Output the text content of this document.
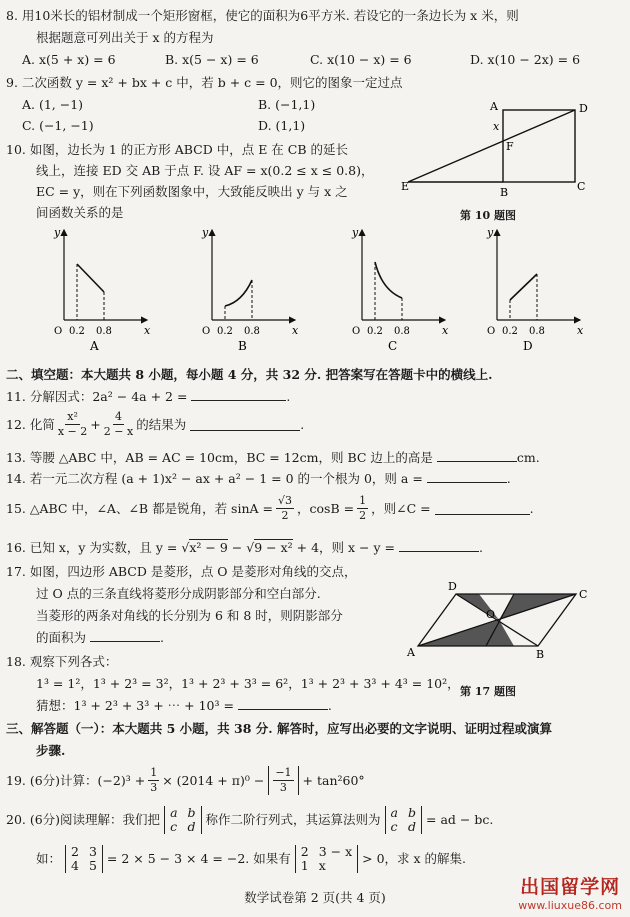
8. 用10米长的铝材制成一个矩形窗框，使它的面积为6平方米. 若设它的一条边长为 x 米，则
根据题意可列出关于 x 的方程为
A. x(5 + x) = 6	B. x(5 − x) = 6	C. x(10 − x) = 6	D. x(10 − 2x) = 6
9. 二次函数 y = x² + bx + c 中，若 b + c = 0，则它的图象一定过点
A. (1, −1)	B. (−1,1)
C. (−1, −1)	D. (1,1)
10. 如图，边长为 1 的正方形 ABCD 中，点 E 在 CB 的延长
线上，连接 ED 交 AB 于点 F. 设 AF = x(0.2 ≤ x ≤ 0.8)，
EC = y，则在下列函数图象中，大致能反映出 y 与 x 之
间函数关系的是
A	D
x
F
E	B	C
第 10 题图
y
x
O 0.2 0.8
y
x
O 0.2 0.8
y
x
O 0.2 0.8
y
x
O 0.2 0.8
A	B	C	D
二、填空题：本大题共 8 小题，每小题 4 分，共 32 分. 把答案写在答题卡中的横线上.
11. 分解因式：2a² − 4a + 2 =	.
12. 化简 x²
$x - 2 + \frac{4}{2 - x}$ 的结果为	.
13. 等腰 △ABC 中，AB = AC = 10cm，BC = 12cm，则 BC 边上的高是	cm.
14. 若一元二次方程 (a + 1)x² − ax + a² − 1 = 0 的一个根为 0，则 a =	.
15. △ABC 中，∠A、∠B 都是锐角，若 $\sin A = \frac{√3}{2}$ ，$\cos B = \frac{1}{2}$ ，则∠C =	.
16. 已知 x，y 为实数，且 y = √x² − 9 − √9 − x² + 4，则 x − y =	.
17. 如图，四边形 ABCD 是菱形，点 O 是菱形对角线的交点，
过 O 点的三条直线将菱形分成阴影部分和空白部分.
当菱形的两条对角线的长分别为 6 和 8 时，则阴影部分
的面积为	.
A	B
C
D
O
第 17 题图
18. 观察下列各式：
1³ = 1²，1³ + 2³ = 3²，1³ + 2³ + 3³ = 6²，1³ + 2³ + 3³ + 4³ = 10²，…
猜想：1³ + 2³ + 3³ + ⋯ + 10³ =	.
三、解答题（一）：本大题共 5 小题，共 38 分. 解答时，应写出必要的文字说明、证明过程或演算
步骤.
19. (6分)计算：$(-2)^3 + \frac{1}{3} \times (2014 + \pi)^0 - \frac{-1}{3} + \tan^260^\circ$
20. (6分)阅读理解：我们把 a b
c d 称作二阶行列式，其运算法则为 a b
c d = ad − bc.
如： 2 3
4 5 = 2 × 5 − 3 × 4 = −2. 如果有 2 3 − x
1 x	> 0，求 x 的解集.
数学试卷第 2 页(共 4 页)	出国留学网
www.liuxue86.com
